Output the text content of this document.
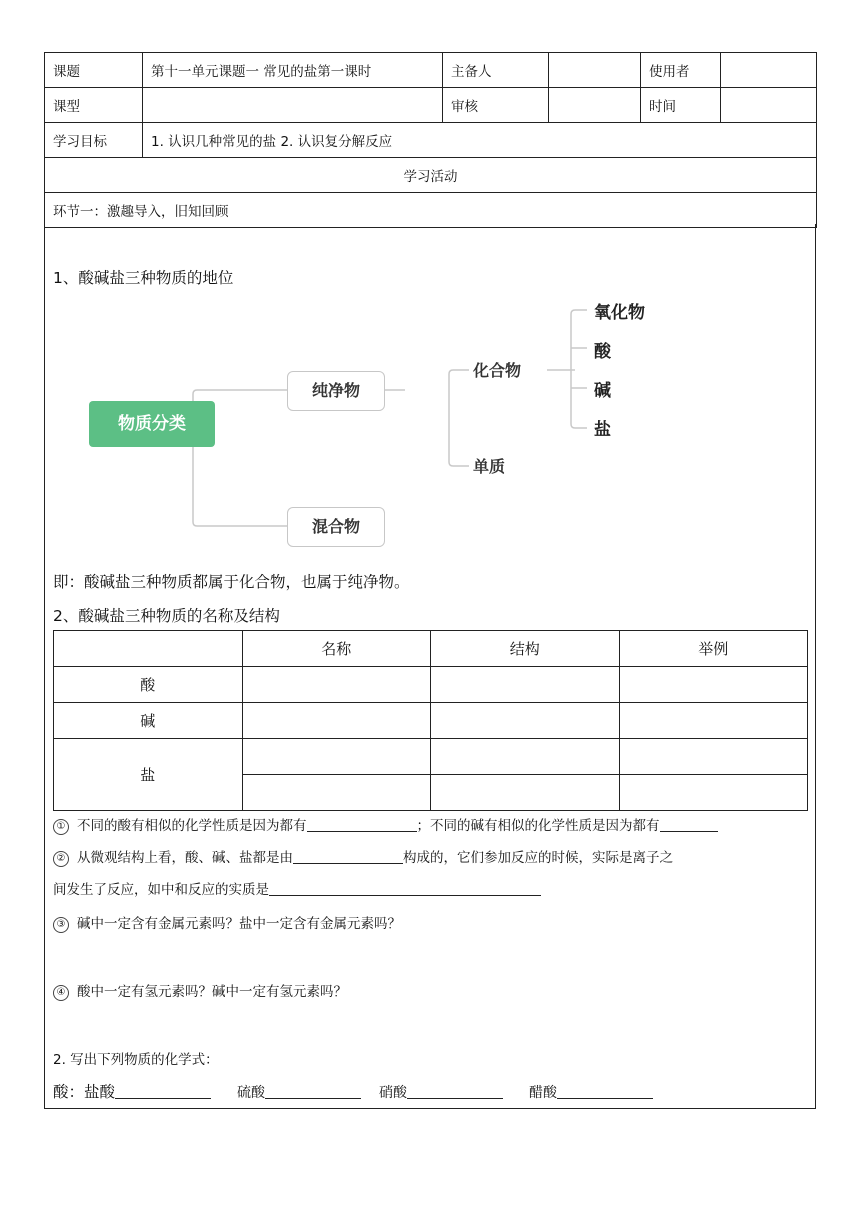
课题	第十一单元课题一 常见的盐第一课时	主备人		使用者	
课型		审核		时间	
学习目标	1. 认识几种常见的盐 2. 认识复分解反应				
学习活动					
环节一：激趣导入，旧知回顾					
1、酸碱盐三种物质的地位
物质分类
纯净物
混合物
化合物
单质
氧化物
酸
碱
盐
即：酸碱盐三种物质都属于化合物，也属于纯净物。
2、酸碱盐三种物质的名称及结构
	名称	结构	举例
酸			
碱			
盐			

① 不同的酸有相似的化学性质是因为都有	；不同的碱有相似的化学性质是因为都有
② 从微观结构上看，酸、碱、盐都是由	构成的，它们参加反应的时候，实际是离子之
间发生了反应，如中和反应的实质是
③ 碱中一定含有金属元素吗？盐中一定含有金属元素吗？
④ 酸中一定有氢元素吗？碱中一定有氢元素吗？
2. 写出下列物质的化学式：
酸：盐酸	硫酸	硝酸	醋酸
